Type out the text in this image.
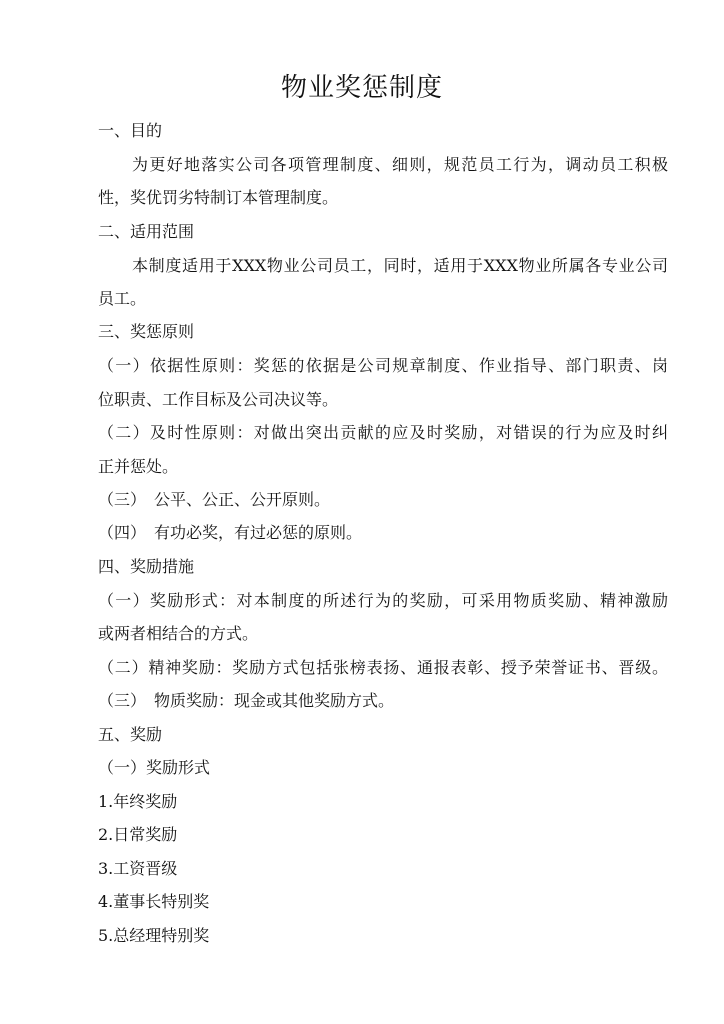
物业奖惩制度
一、目的
为更好地落实公司各项管理制度、细则，规范员工行为，调动员工积极
性，奖优罚劣特制订本管理制度。
二、适用范围
本制度适用于XXX物业公司员工，同时，适用于XXX物业所属各专业公司
员工。
三、奖惩原则
（一）依据性原则：奖惩的依据是公司规章制度、作业指导、部门职责、岗
位职责、工作目标及公司决议等。
（二）及时性原则：对做出突出贡献的应及时奖励，对错误的行为应及时纠
正并惩处。
（三）　公平、公正、公开原则。
（四）　有功必奖，有过必惩的原则。
四、奖励措施
（一）奖励形式：对本制度的所述行为的奖励，可采用物质奖励、精神激励
或两者相结合的方式。
（二）精神奖励：奖励方式包括张榜表扬、通报表彰、授予荣誉证书、晋级。
（三）　物质奖励：现金或其他奖励方式。
五、奖励
（一）奖励形式
1.年终奖励
2.日常奖励
3.工资晋级
4.董事长特别奖
5.总经理特别奖
